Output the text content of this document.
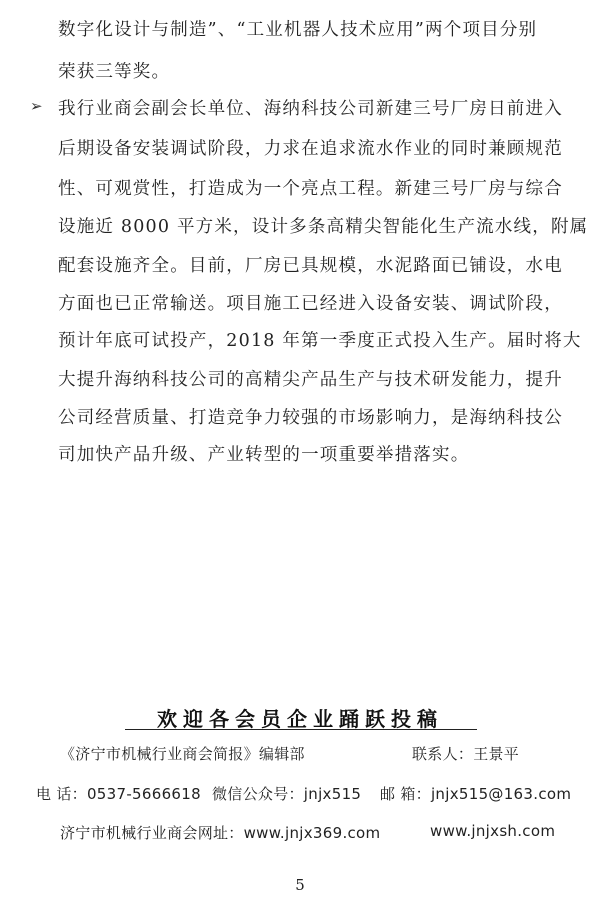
数字化设计与制造”、“工业机器人技术应用”两个项目分别
荣获三等奖。
➢ 我行业商会副会长单位、海纳科技公司新建三号厂房日前进入
后期设备安装调试阶段，力求在追求流水作业的同时兼顾规范
性、可观赏性，打造成为一个亮点工程。新建三号厂房与综合
设施近 8000 平方米，设计多条高精尖智能化生产流水线，附属
配套设施齐全。目前，厂房已具规模，水泥路面已铺设，水电
方面也已正常输送。项目施工已经进入设备安装、调试阶段，
预计年底可试投产，2018 年第一季度正式投入生产。届时将大
大提升海纳科技公司的高精尖产品生产与技术研发能力，提升
公司经营质量、打造竞争力较强的市场影响力，是海纳科技公
司加快产品升级、产业转型的一项重要举措落实。
欢迎各会员企业踊跃投稿
《济宁市机械行业商会简报》编辑部	联系人：王景平
电 话：0537-5666618 微信公众号：jnjx515 邮 箱：jnjx515@163.com
济宁市机械行业商会网址：www.jnjx369.com	www.jnjxsh.com
5
